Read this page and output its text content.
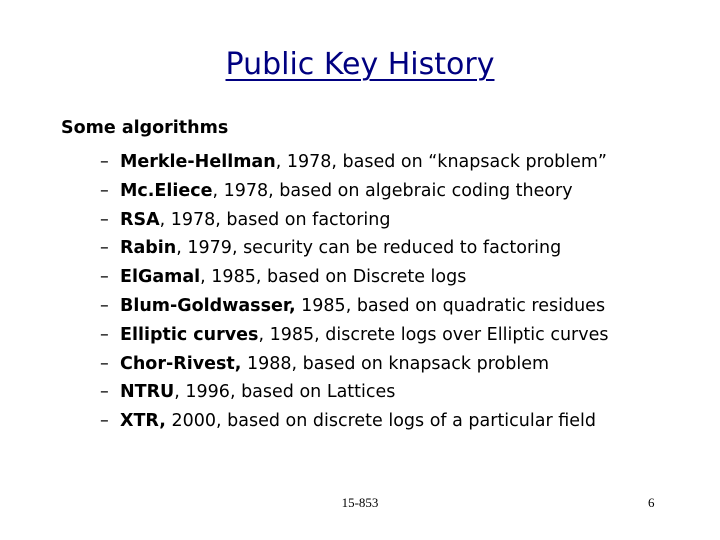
Public Key History
Some algorithms
– Merkle-Hellman, 1978, based on “knapsack problem”
– Mc.Eliece, 1978, based on algebraic coding theory
– RSA, 1978, based on factoring
– Rabin, 1979, security can be reduced to factoring
– ElGamal, 1985, based on Discrete logs
– Blum-Goldwasser, 1985, based on quadratic residues
– Elliptic curves, 1985, discrete logs over Elliptic curves
– Chor-Rivest, 1988, based on knapsack problem
– NTRU, 1996, based on Lattices
– XTR, 2000, based on discrete logs of a particular field
15-853	6
